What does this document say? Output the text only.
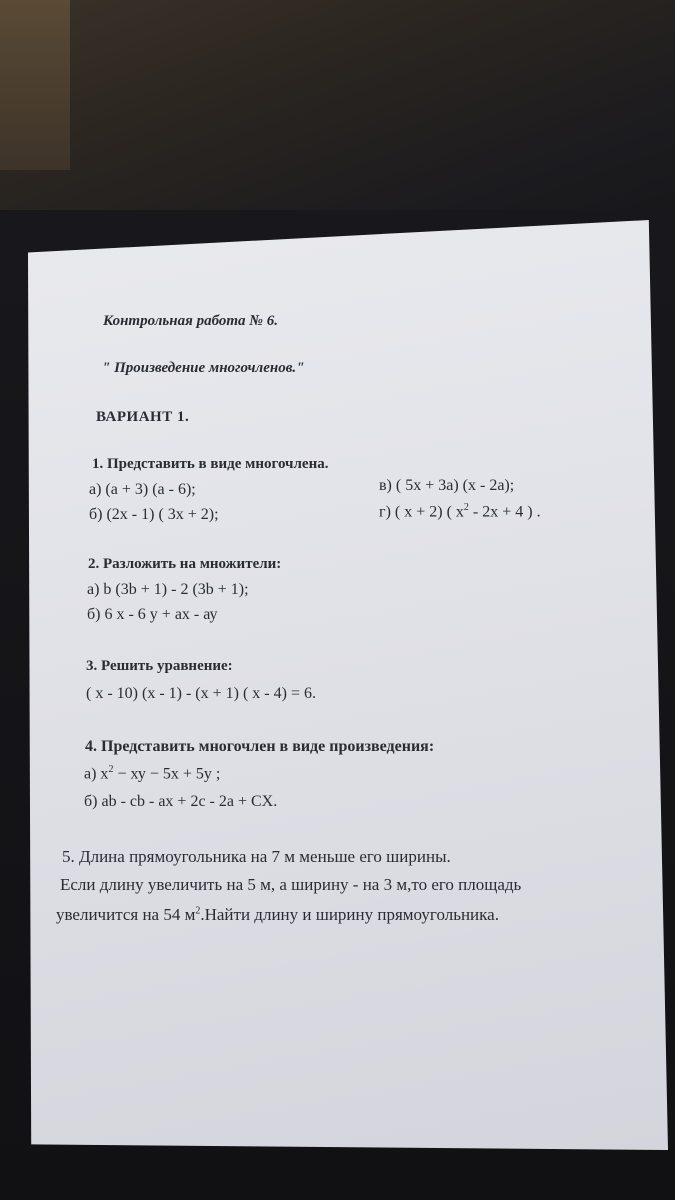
Контрольная работа № 6.
" Произведение многочленов."
ВАРИАНТ 1.
1. Представить в виде многочлена.
а) (а + 3) (а - 6);
б) (2х - 1) ( 3х + 2);
в) ( 5х + 3а) (х - 2а);
г) ( х + 2) ( $х^2 - 2х + 4$ ) .
2. Разложить на множители:
а) b (3b + 1) - 2 (3b + 1);
б) 6 х - 6 у + ах - ау
3. Решить уравнение:
( х - 10) (х - 1) - (х + 1) ( х - 4) = 6.
4. Представить многочлен в виде произведения:
а) $х^2$ − ху − 5х + 5у ;
б) ab - cb - ax + 2c - 2a + CX.
5. Длина прямоугольника на 7 м меньше его ширины.
Если длину увеличить на 5 м, а ширину - на 3 м,то его площадь
увеличится на 54 $м^2.Найти$ длину и ширину прямоугольника.
